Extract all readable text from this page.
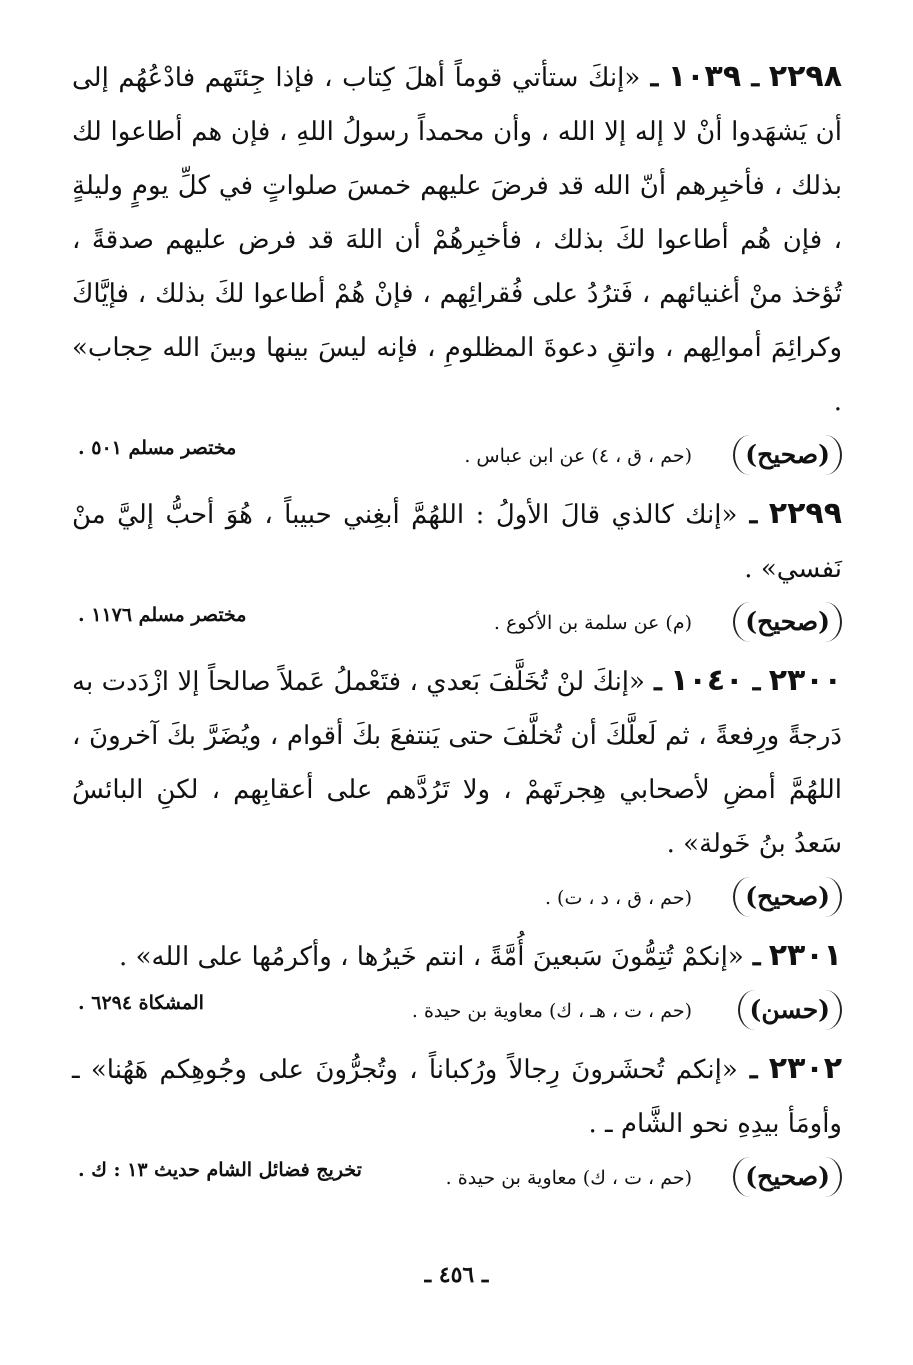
٢٢٩٨ ـ ١٠٣٩ ـ «إنكَ ستأتي قوماً أهلَ كِتاب ، فإذا جِئتَهم فادْعُهُم إلى أن يَشهَدوا أنْ لا إله إلا الله ، وأن محمداً رسولُ اللهِ ، فإن هم أطاعوا لك بذلك ، فأخبِرهم أنّ الله قد فرضَ عليهم خمسَ صلواتٍ في كلِّ يومٍ وليلةٍ ، فإن هُم أطاعوا لكَ بذلك ، فأخبِرهُمْ أن اللهَ قد فرض عليهم صدقةً ، تُؤخذ منْ أغنيائهم ، فَترُدُ على فُقرائِهم ، فإنْ هُمْ أطاعوا لكَ بذلك ، فإيَّاكَ وكرائِمَ أموالِهم ، واتقِ دعوةَ المظلومِ ، فإنه ليسَ بينها وبينَ الله حِجاب» .

(صحيح)
(حم ، ق ، ٤) عن ابن عباس .
مختصر مسلم ٥٠١ .

٢٢٩٩ ـ «إنك كالذي قالَ الأولُ : اللهُمَّ أبغِني حبيباً ، هُوَ أحبُّ إليَّ منْ نَفسي» .

(صحيح)
(م) عن سلمة بن الأكوع .
مختصر مسلم ١١٧٦ .

٢٣٠٠ ـ ١٠٤٠ ـ «إنكَ لنْ تُخَلَّفَ بَعدي ، فتَعْملُ عَملاً صالحاً إلا ازْدَدت به دَرجةً ورِفعةً ، ثم لَعلَّكَ أن تُخلَّفَ حتى يَنتفعَ بكَ أقوام ، ويُضَرَّ بكَ آخرونَ ، اللهُمَّ أمضِ لأصحابي هِجرتَهمْ ، ولا تَرُدَّهم على أعقابِهم ، لكنِ البائسُ سَعدُ بنُ خَولة» .

(صحيح)
(حم ، ق ، د ، ت) .

٢٣٠١ ـ «إنكمْ تُتِمُّونَ سَبعينَ أُمَّةً ، انتم خَيرُها ، وأكرمُها على الله» .

(حسن)
(حم ، ت ، هـ ، ك) معاوية بن حيدة .
المشكاة ٦٢٩٤ .

٢٣٠٢ ـ «إنكم تُحشَرونَ رِجالاً ورُكباناً ، وتُجرُّونَ على وجُوهِكم هَهُنا» ـ وأومَأ بيدِهِ نحو الشَّام ـ .

(صحيح)
(حم ، ت ، ك) معاوية بن حيدة .
تخريج فضائل الشام حديث ١٣ : ك .
ـ ٤٥٦ ـ
